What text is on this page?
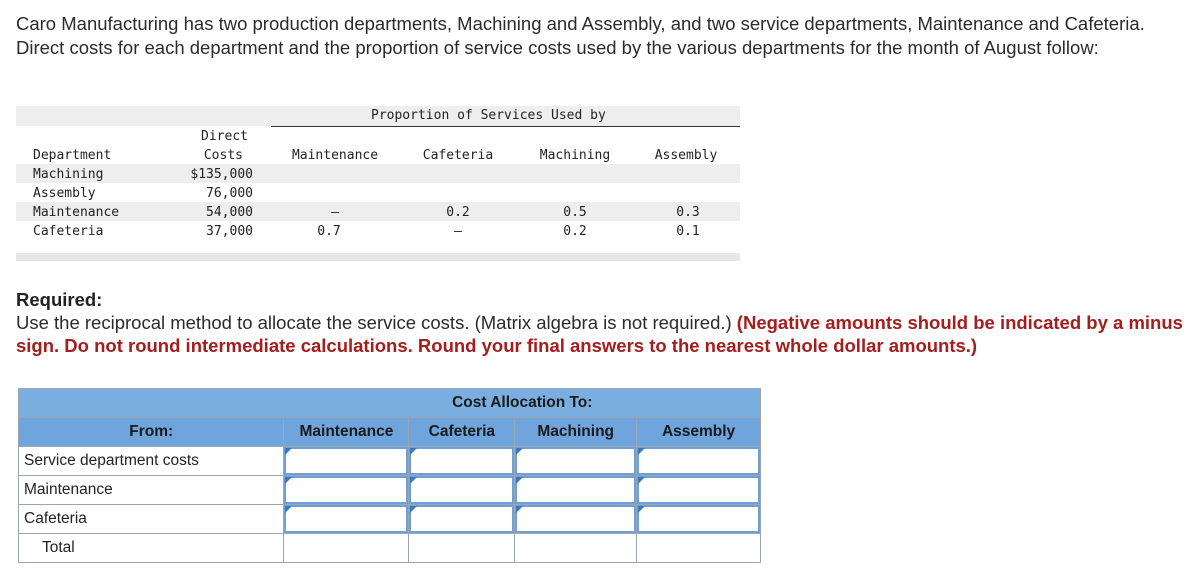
Caro Manufacturing has two production departments, Machining and Assembly, and two service departments, Maintenance and Cafeteria. Direct costs for each department and the proportion of service costs used by the various departments for the month of August follow:
Proportion of Services Used by
Direct
Department	Costs	Maintenance	Cafeteria	Machining	Assembly
Machining	$135,000
Assembly	76,000
Maintenance	54,000	—	0.2	0.5	0.3
Cafeteria	37,000	0.7	—	0.2	0.1
Required:
Use the reciprocal method to allocate the service costs. (Matrix algebra is not required.) (Negative amounts should be indicated by a minus sign. Do not round intermediate calculations. Round your final answers to the nearest whole dollar amounts.)
	Cost Allocation To:			
From:	Maintenance	Cafeteria	Machining	Assembly
Service department costs	

Maintenance	

Cafeteria	

Total				
